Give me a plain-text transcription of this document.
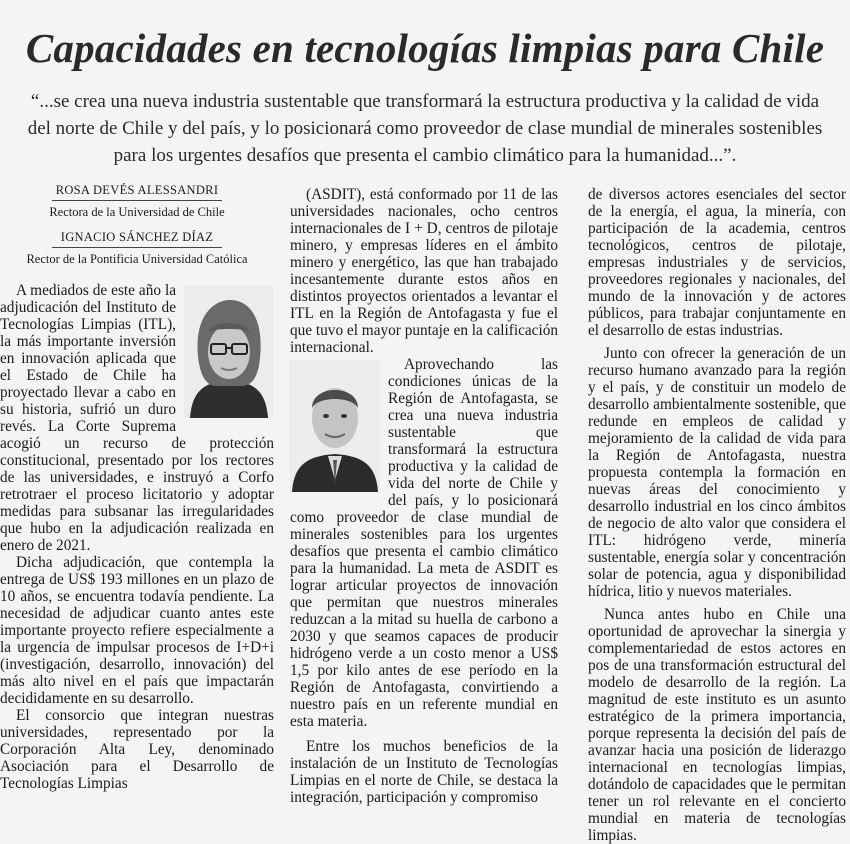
Capacidades en tecnologías limpias para Chile
“...se crea una nueva industria sustentable que transformará la estructura productiva y la calidad de vida del norte de Chile y del país, y lo posicionará como proveedor de clase mundial de minerales sostenibles para los urgentes desafíos que presenta el cambio climático para la humanidad...”.
ROSA DEVÉS ALESSANDRI
Rectora de la Universidad de Chile
IGNACIO SÁNCHEZ DÍAZ
Rector de la Pontificia Universidad Católica

A mediados de este año la adjudicación del Instituto de Tecnologías Limpias (ITL), la más importante inversión en innovación aplicada que el Estado de Chile ha proyectado llevar a cabo en su historia, sufrió un duro revés. La Corte Suprema acogió un recurso de protección constitucional, presentado por los rectores de las universidades, e instruyó a Corfo retrotraer el proceso licitatorio y adoptar medidas para subsanar las irregularidades que hubo en la adjudicación realizada en enero de 2021.

Dicha adjudicación, que contempla la entrega de US$ 193 millones en un plazo de 10 años, se encuentra todavía pendiente. La necesidad de adjudicar cuanto antes este importante proyecto refiere especialmente a la urgencia de impulsar procesos de I+D+i (investigación, desarrollo, innovación) del más alto nivel en el país que impactarán decididamente en su desarrollo.

El consorcio que integran nuestras universidades, representado por la Corporación Alta Ley, denominado Asociación para el Desarrollo de Tecnologías Limpias

(ASDIT), está conformado por 11 de las universidades nacionales, ocho centros internacionales de I + D, centros de pilotaje minero, y empresas líderes en el ámbito minero y energético, las que han trabajado incesantemente durante estos años en distintos proyectos orientados a levantar el ITL en la Región de Antofagasta y fue el que tuvo el mayor puntaje en la calificación internacional.

Aprovechando las condiciones únicas de la Región de Antofagasta, se crea una nueva industria sustentable que transformará la estructura productiva y la calidad de vida del norte de Chile y del país, y lo posicionará como proveedor de clase mundial de minerales sostenibles para los urgentes desafíos que presenta el cambio climático para la humanidad. La meta de ASDIT es lograr articular proyectos de innovación que permitan que nuestros minerales reduzcan a la mitad su huella de carbono a 2030 y que seamos capaces de producir hidrógeno verde a un costo menor a US$ 1,5 por kilo antes de ese período en la Región de Antofagasta, convirtiendo a nuestro país en un referente mundial en esta materia.

Entre los muchos beneficios de la instalación de un Instituto de Tecnologías Limpias en el norte de Chile, se destaca la integración, participación y compromiso

de diversos actores esenciales del sector de la energía, el agua, la minería, con participación de la academia, centros tecnológicos, centros de pilotaje, empresas industriales y de servicios, proveedores regionales y nacionales, del mundo de la innovación y de actores públicos, para trabajar conjuntamente en el desarrollo de estas industrias.

Junto con ofrecer la generación de un recurso humano avanzado para la región y el país, y de constituir un modelo de desarrollo ambientalmente sostenible, que redunde en empleos de calidad y mejoramiento de la calidad de vida para la Región de Antofagasta, nuestra propuesta contempla la formación en nuevas áreas del conocimiento y desarrollo industrial en los cinco ámbitos de negocio de alto valor que considera el ITL: hidrógeno verde, minería sustentable, energía solar y concentración solar de potencia, agua y disponibilidad hídrica, litio y nuevos materiales.

Nunca antes hubo en Chile una oportunidad de aprovechar la sinergia y complementariedad de estos actores en pos de una transformación estructural del modelo de desarrollo de la región. La magnitud de este instituto es un asunto estratégico de la primera importancia, porque representa la decisión del país de avanzar hacia una posición de liderazgo internacional en tecnologías limpias, dotándolo de capacidades que le permitan tener un rol relevante en el concierto mundial en materia de tecnologías limpias.
